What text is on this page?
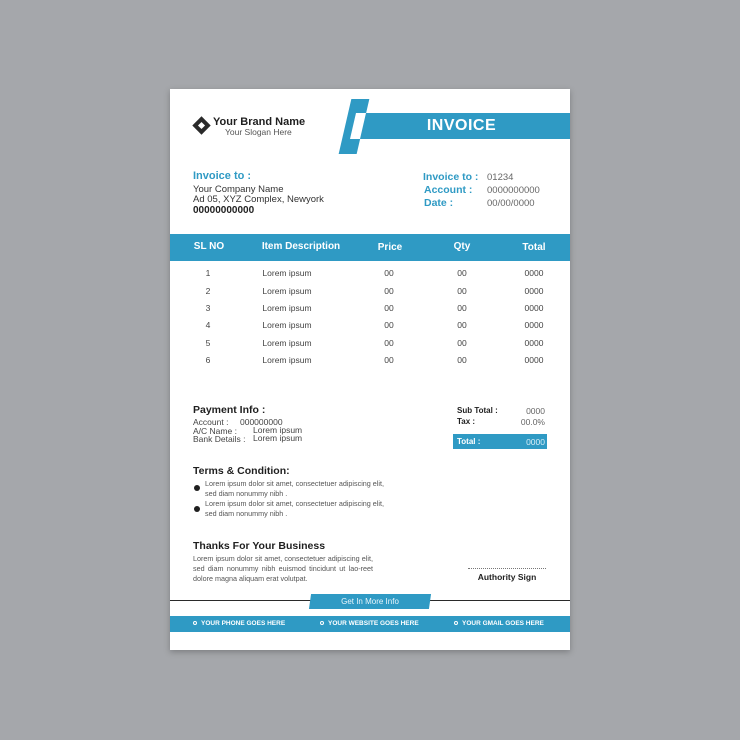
Your Brand Name
Your Slogan Here	INVOICE
Invoice to :
Your Company Name
Ad 05, XYZ Complex, Newyork
00000000000
Invoice to : 01234
Account : 0000000000
Date :	00/00/0000
SL NO	Item Description	Price	Qty	Total
1	Lorem ipsum	00	00	0000
2	Lorem ipsum	00	00	0000
3	Lorem ipsum	00	00	0000
4	Lorem ipsum	00	00	0000
5	Lorem ipsum	00	00	0000
6	Lorem ipsum	00	00	0000
Payment Info :
Account : 000000000
A/C Name : Lorem ipsum
Bank Details : Lorem ipsum
Sub Total :	0000
Tax :	00.0%
Total :	0000
Terms & Condition:
Lorem ipsum dolor sit amet, consectetuer adipiscing elit, sed diam nonummy nibh .
Lorem ipsum dolor sit amet, consectetuer adipiscing elit, sed diam nonummy nibh .
Thanks For Your Business
Lorem ipsum dolor sit amet, consectetuer adipiscing elit, sed diam nonummy nibh euismod tincidunt ut lao-reet dolore magna aliquam erat volutpat.	Authority Sign
Get In More Info
YOUR PHONE GOES HERE	YOUR WEBSITE GOES HERE	YOUR GMAIL GOES HERE
